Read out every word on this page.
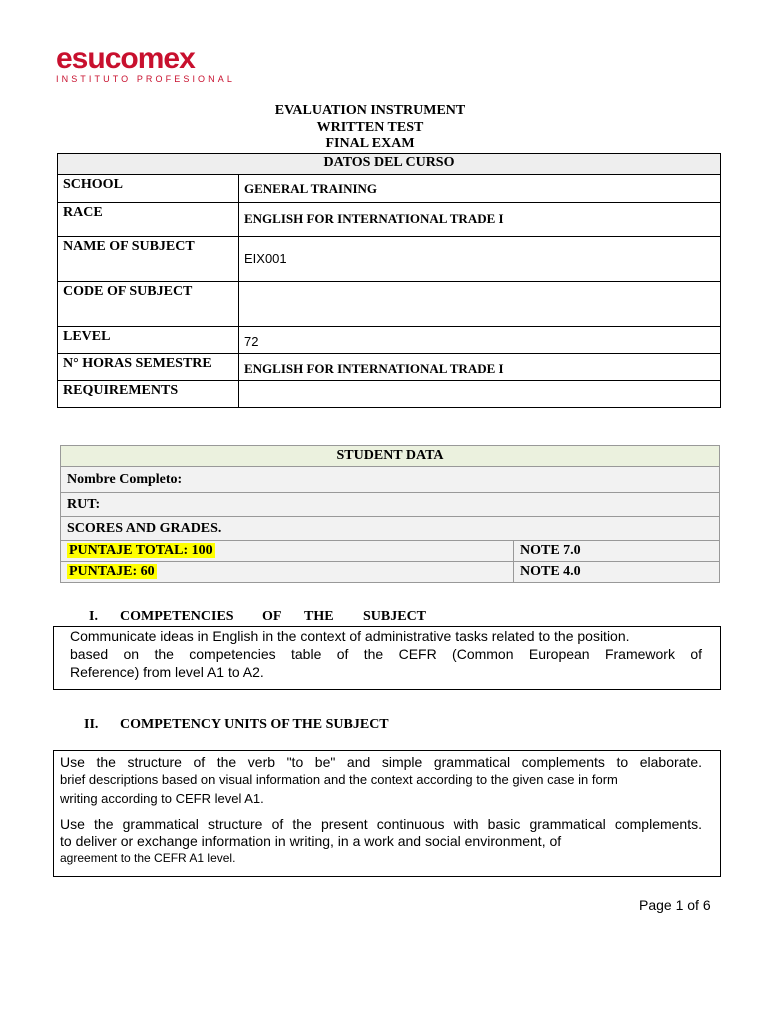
esucomex
INSTITUTO PROFESIONAL
EVALUATION INSTRUMENT
WRITTEN TEST
FINAL EXAM
DATOS DEL CURSO	
SCHOOL	GENERAL TRAINING
RACE	ENGLISH FOR INTERNATIONAL TRADE I
NAME OF SUBJECT	EIX001
CODE OF SUBJECT	
LEVEL	72
N° HORAS SEMESTRE	ENGLISH FOR INTERNATIONAL TRADE I
REQUIREMENTS	
STUDENT DATA	
Nombre Completo:	
RUT:	
SCORES AND GRADES.	
PUNTAJE TOTAL: 100	NOTE 7.0
PUNTAJE: 60	NOTE 4.0
I. COMPETENCIES OF THE SUBJECT

Communicate ideas in English in the context of administrative tasks related to the position.

based on the competencies table of the CEFR (Common European Framework of

Reference) from level A1 to A2.

II. COMPETENCY UNITS OF THE SUBJECT

Use the structure of the verb "to be" and simple grammatical complements to elaborate.

brief descriptions based on visual information and the context according to the given case in form

writing according to CEFR level A1.

Use the grammatical structure of the present continuous with basic grammatical complements.

to deliver or exchange information in writing, in a work and social environment, of

agreement to the CEFR A1 level.

Page 1 of 6
